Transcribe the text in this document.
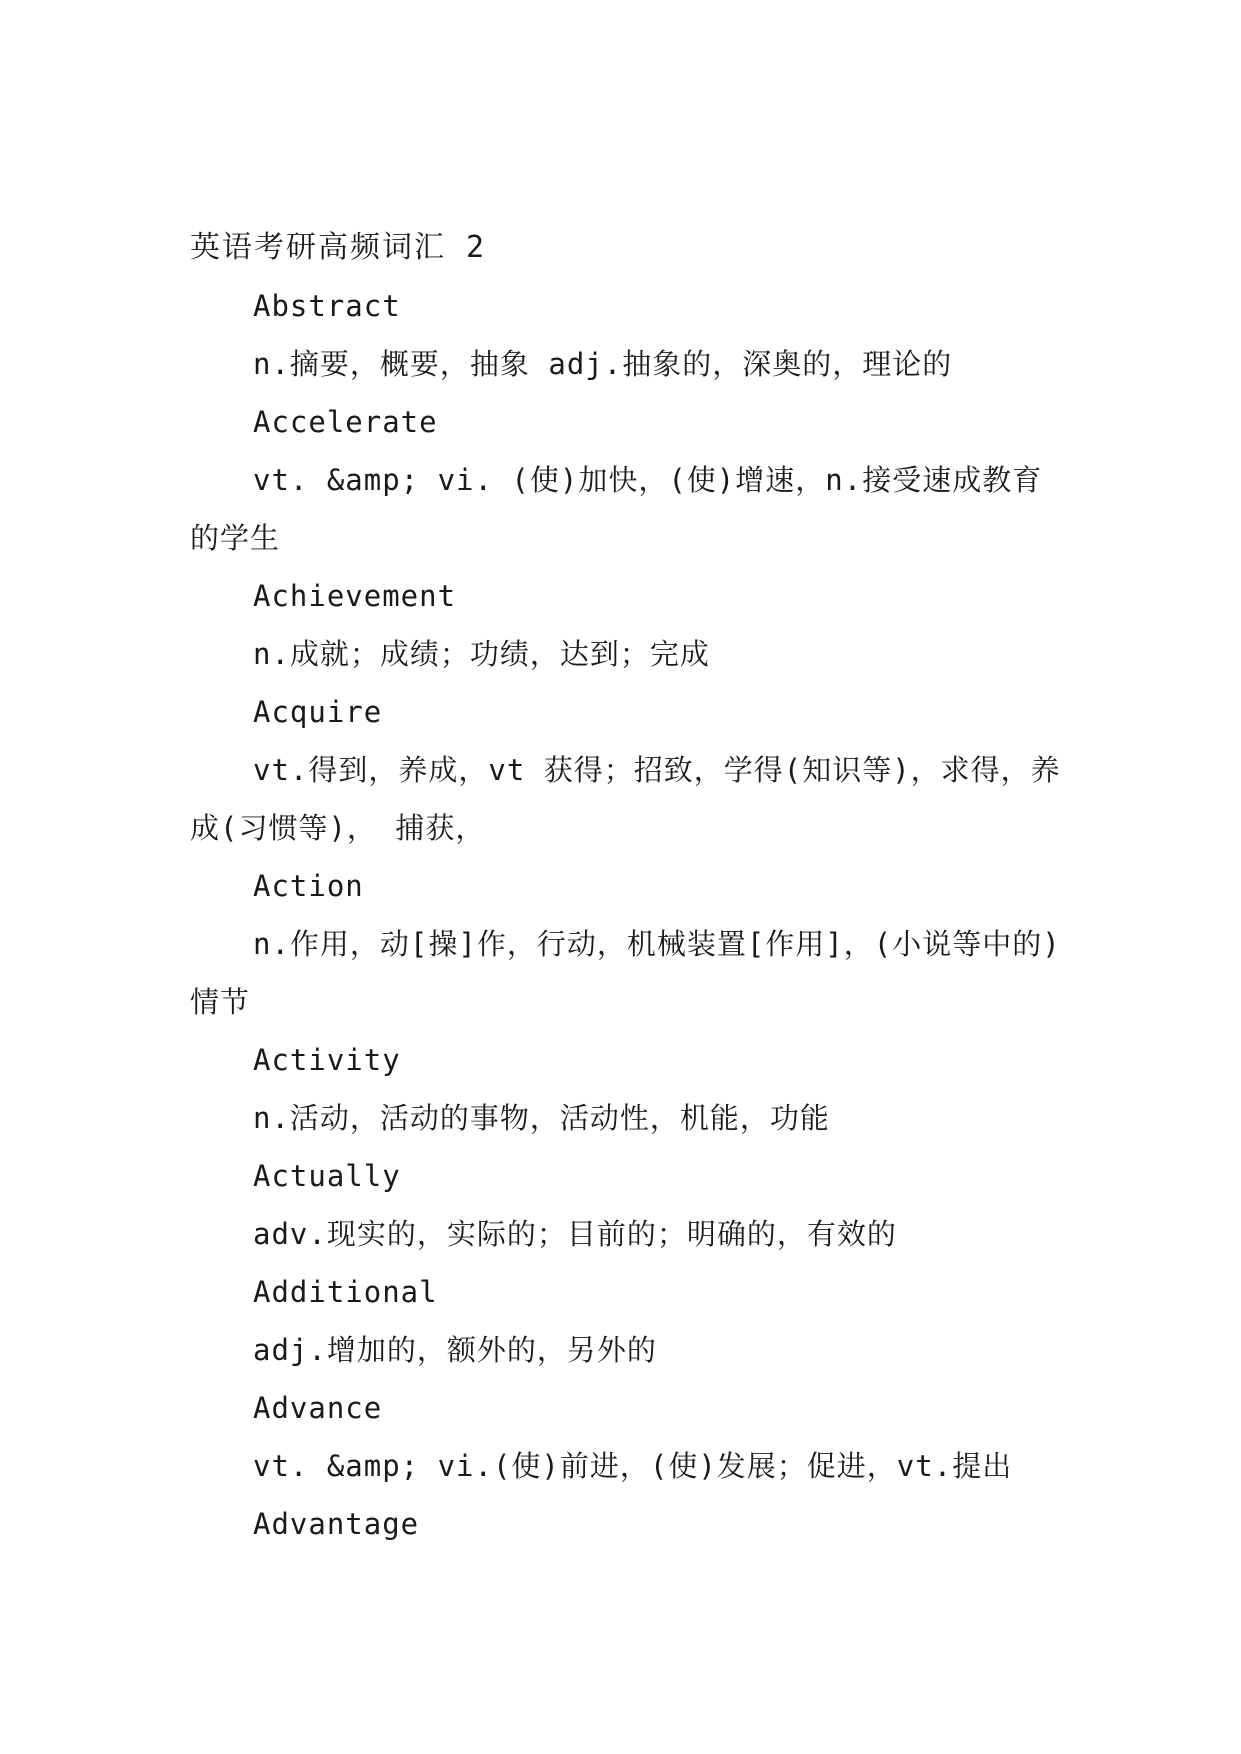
英语考研高频词汇 2

Abstract

n.摘要，概要，抽象 adj.抽象的，深奥的，理论的

Accelerate

vt. &amp; vi. (使)加快，(使)增速，n.接受速成教育的学生

Achievement

n.成就；成绩；功绩，达到；完成

Acquire

vt.得到，养成，vt 获得；招致，学得(知识等)，求得，养成(习惯等)， 捕获，

Action

n.作用，动[操]作，行动，机械装置[作用]，(小说等中的)情节

Activity

n.活动，活动的事物，活动性，机能，功能

Actually

adv.现实的，实际的；目前的；明确的，有效的

Additional

adj.增加的，额外的，另外的

Advance

vt. &amp; vi.(使)前进，(使)发展；促进，vt.提出

Advantage
